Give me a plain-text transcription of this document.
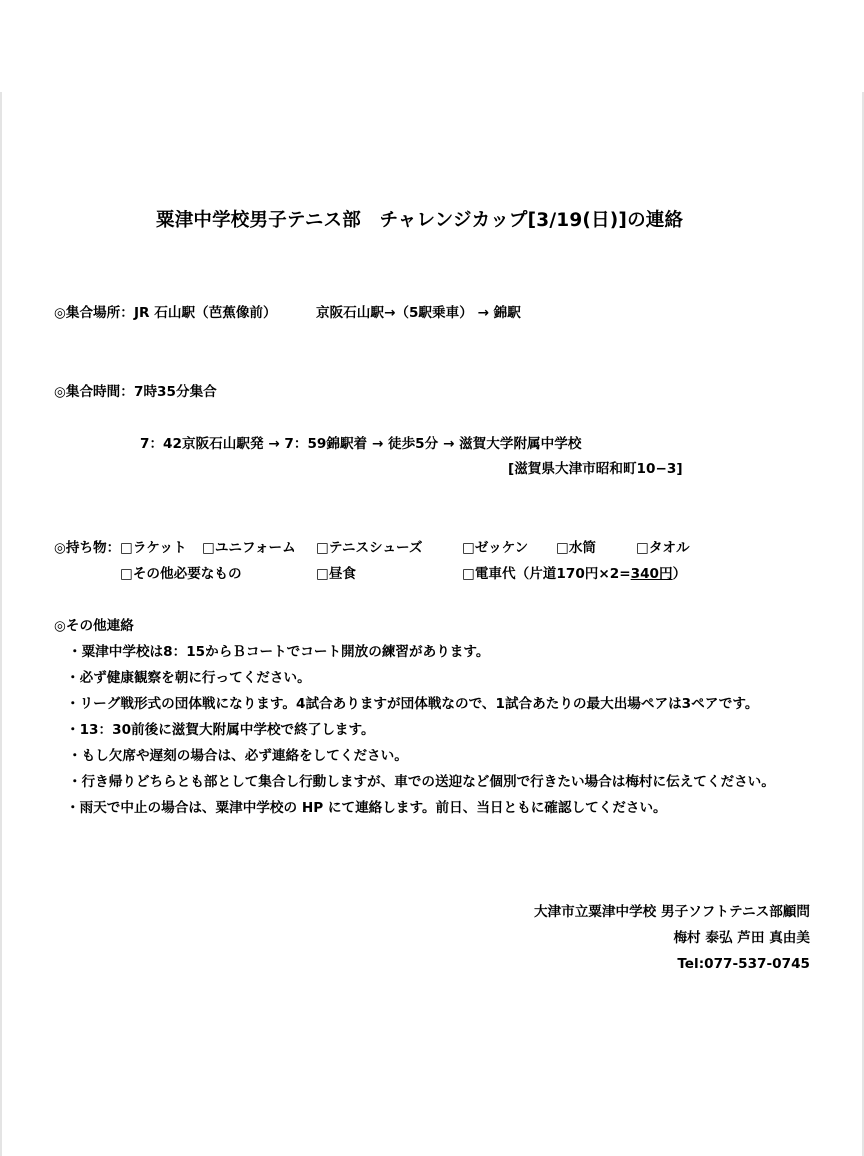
粟津中学校男子テニス部　チャレンジカップ[3/19(日)]の連絡
◎集合場所： JR 石山駅（芭蕉像前）	京阪石山駅→（5駅乗車） → 錦駅
◎集合時間： 7時35分集合
7：42京阪石山駅発 → 7：59錦駅着 → 徒歩5分 → 滋賀大学附属中学校
[滋賀県大津市昭和町10−3]
◎持ち物： □ラケット □ユニフォーム □テニスシューズ	□ゼッケン □水筒	□タオル
□その他必要なもの	□昼食	□電車代（片道170円×2=340円）
◎その他連絡
・粟津中学校は8：15からＢコートでコート開放の練習があります。
・必ず健康観察を朝に行ってください。
・リーグ戦形式の団体戦になります。4試合ありますが団体戦なので、1試合あたりの最大出場ペアは3ペアです。
・13：30前後に滋賀大附属中学校で終了します。
・もし欠席や遅刻の場合は、必ず連絡をしてください。
・行き帰りどちらとも部として集合し行動しますが、車での送迎など個別で行きたい場合は梅村に伝えてください。
・雨天で中止の場合は、粟津中学校の HP にて連絡します。前日、当日ともに確認してください。
大津市立粟津中学校 男子ソフトテニス部顧問
梅村 泰弘 芦田 真由美
Tel:077-537-0745
